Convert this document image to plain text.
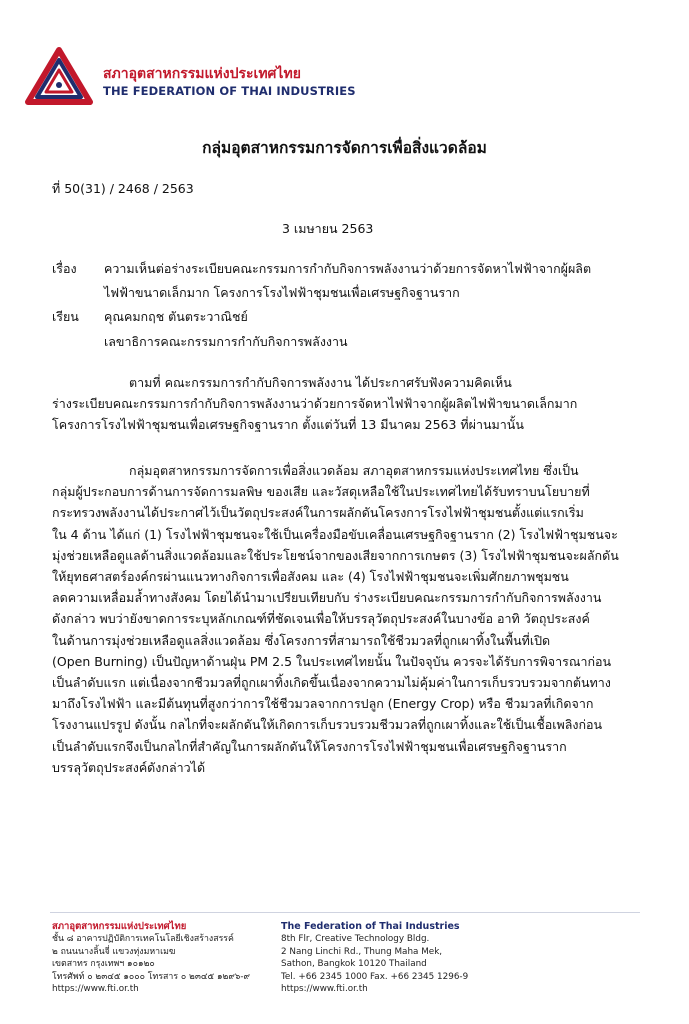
สภาอุตสาหกรรมแห่งประเทศไทย
THE FEDERATION OF THAI INDUSTRIES
กลุ่มอุตสาหกรรมการจัดการเพื่อสิ่งแวดล้อม
ที่ 50(31) / 2468 / 2563
3 เมษายน 2563
เรื่อง ความเห็นต่อร่างระเบียบคณะกรรมการกำกับกิจการพลังงานว่าด้วยการจัดหาไฟฟ้าจากผู้ผลิต
ไฟฟ้าขนาดเล็กมาก โครงการโรงไฟฟ้าชุมชนเพื่อเศรษฐกิจฐานราก
เรียน คุณคมกฤช ตันตระวาณิชย์
เลขาธิการคณะกรรมการกำกับกิจการพลังงาน
ตามที่ คณะกรรมการกำกับกิจการพลังงาน ได้ประกาศรับฟังความคิดเห็น
ร่างระเบียบคณะกรรมการกำกับกิจการพลังงานว่าด้วยการจัดหาไฟฟ้าจากผู้ผลิตไฟฟ้าขนาดเล็กมาก
โครงการโรงไฟฟ้าชุมชนเพื่อเศรษฐกิจฐานราก ตั้งแต่วันที่ 13 มีนาคม 2563 ที่ผ่านมานั้น
กลุ่มอุตสาหกรรมการจัดการเพื่อสิ่งแวดล้อม สภาอุตสาหกรรมแห่งประเทศไทย ซึ่งเป็น
กลุ่มผู้ประกอบการด้านการจัดการมลพิษ ของเสีย และวัสดุเหลือใช้ในประเทศไทยได้รับทราบนโยบายที่
กระทรวงพลังงานได้ประกาศไว้เป็นวัตถุประสงค์ในการผลักดันโครงการโรงไฟฟ้าชุมชนตั้งแต่แรกเริ่ม
ใน 4 ด้าน ได้แก่ (1) โรงไฟฟ้าชุมชนจะใช้เป็นเครื่องมือขับเคลื่อนเศรษฐกิจฐานราก (2) โรงไฟฟ้าชุมชนจะ
มุ่งช่วยเหลือดูแลด้านสิ่งแวดล้อมและใช้ประโยชน์จากของเสียจากการเกษตร (3) โรงไฟฟ้าชุมชนจะผลักดัน
ให้ยุทธศาสตร์องค์กรผ่านแนวทางกิจการเพื่อสังคม และ (4) โรงไฟฟ้าชุมชนจะเพิ่มศักยภาพชุมชน
ลดความเหลื่อมล้ำทางสังคม โดยได้นำมาเปรียบเทียบกับ ร่างระเบียบคณะกรรมการกำกับกิจการพลังงาน
ดังกล่าว พบว่ายังขาดการระบุหลักเกณฑ์ที่ชัดเจนเพื่อให้บรรลุวัตถุประสงค์ในบางข้อ อาทิ วัตถุประสงค์
ในด้านการมุ่งช่วยเหลือดูแลสิ่งแวดล้อม ซึ่งโครงการที่สามารถใช้ชีวมวลที่ถูกเผาทิ้งในพื้นที่เปิด
(Open Burning) เป็นปัญหาด้านฝุ่น PM 2.5 ในประเทศไทยนั้น ในปัจจุบัน ควรจะได้รับการพิจารณาก่อน
เป็นลำดับแรก แต่เนื่องจากชีวมวลที่ถูกเผาทิ้งเกิดขึ้นเนื่องจากความไม่คุ้มค่าในการเก็บรวบรวมจากต้นทาง
มาถึงโรงไฟฟ้า และมีต้นทุนที่สูงกว่าการใช้ชีวมวลจากการปลูก (Energy Crop) หรือ ชีวมวลที่เกิดจาก
โรงงานแปรรูป ดังนั้น กลไกที่จะผลักดันให้เกิดการเก็บรวบรวมชีวมวลที่ถูกเผาทิ้งและใช้เป็นเชื้อเพลิงก่อน
เป็นลำดับแรกจึงเป็นกลไกที่สำคัญในการผลักดันให้โครงการโรงไฟฟ้าชุมชนเพื่อเศรษฐกิจฐานราก
บรรลุวัตถุประสงค์ดังกล่าวได้
สภาอุตสาหกรรมแห่งประเทศไทย
ชั้น ๘ อาคารปฏิบัติการเทคโนโลยีเชิงสร้างสรรค์
๒ ถนนนางลิ้นจี่ แขวงทุ่งมหาเมฆ
เขตสาทร กรุงเทพฯ ๑๐๑๒๐
โทรศัพท์ ๐ ๒๓๔๕ ๑๐๐๐ โทรสาร ๐ ๒๓๔๕ ๑๒๙๖-๙
https://www.fti.or.th
The Federation of Thai Industries
8th Flr, Creative Technology Bldg.
2 Nang Linchi Rd., Thung Maha Mek,
Sathon, Bangkok 10120 Thailand
Tel. +66 2345 1000 Fax. +66 2345 1296-9
https://www.fti.or.th
